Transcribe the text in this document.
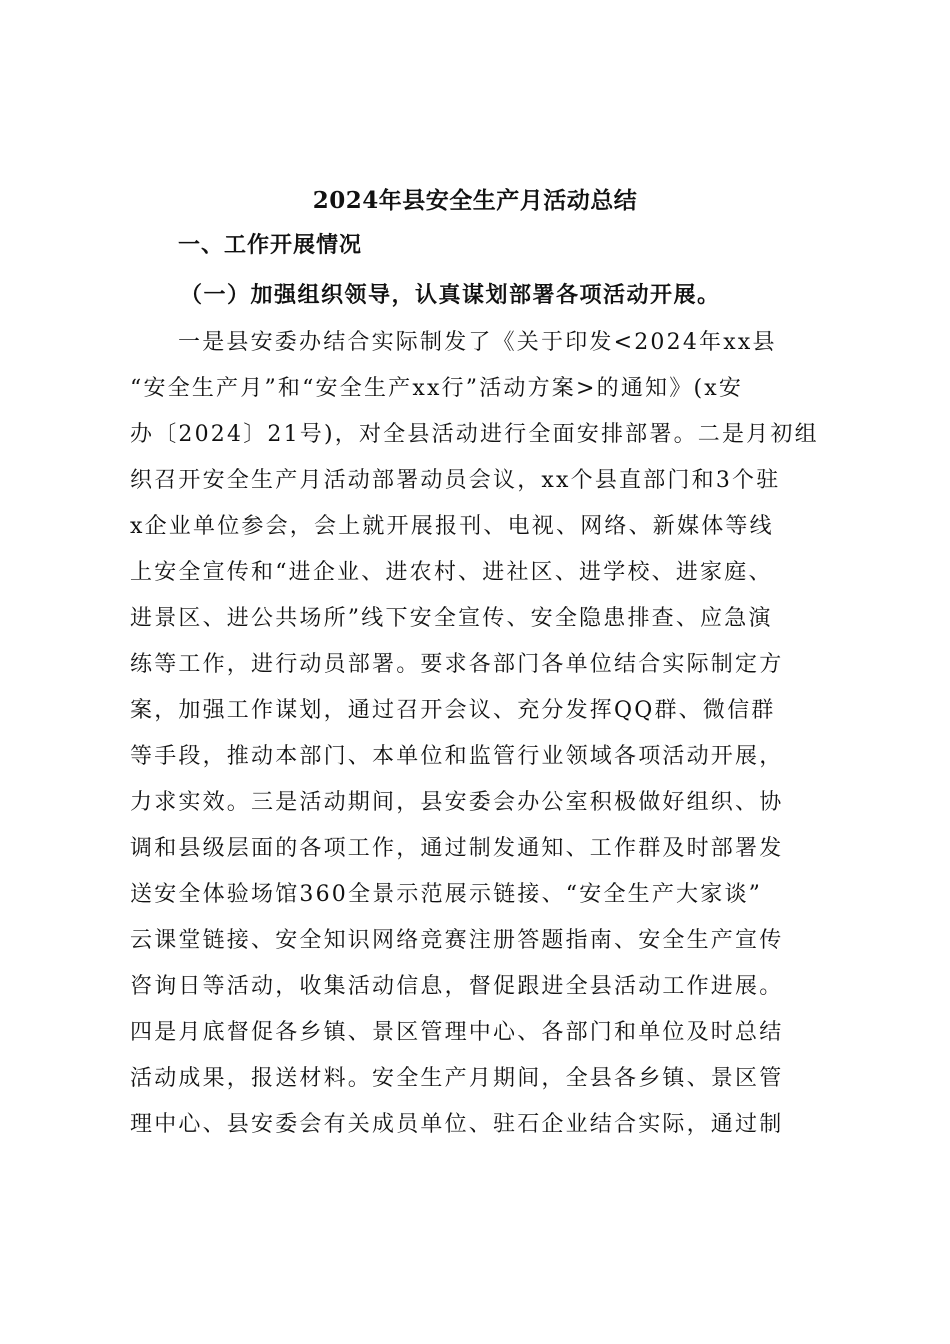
2024年县安全生产月活动总结
一、工作开展情况
（一）加强组织领导，认真谋划部署各项活动开展。
一是县安委办结合实际制发了《关于印发<2024年xx县
“安全生产月”和“安全生产xx行”活动方案>的通知》(x安
办〔2024〕21号)，对全县活动进行全面安排部署。二是月初组
织召开安全生产月活动部署动员会议，xx个县直部门和3个驻
x企业单位参会，会上就开展报刊、电视、网络、新媒体等线
上安全宣传和“进企业、进农村、进社区、进学校、进家庭、
进景区、进公共场所”线下安全宣传、安全隐患排查、应急演
练等工作，进行动员部署。要求各部门各单位结合实际制定方
案，加强工作谋划，通过召开会议、充分发挥QQ群、微信群
等手段，推动本部门、本单位和监管行业领域各项活动开展，
力求实效。三是活动期间，县安委会办公室积极做好组织、协
调和县级层面的各项工作，通过制发通知、工作群及时部署发
送安全体验场馆360全景示范展示链接、“安全生产大家谈”
云课堂链接、安全知识网络竞赛注册答题指南、安全生产宣传
咨询日等活动，收集活动信息，督促跟进全县活动工作进展。
四是月底督促各乡镇、景区管理中心、各部门和单位及时总结
活动成果，报送材料。安全生产月期间，全县各乡镇、景区管
理中心、县安委会有关成员单位、驻石企业结合实际，通过制
